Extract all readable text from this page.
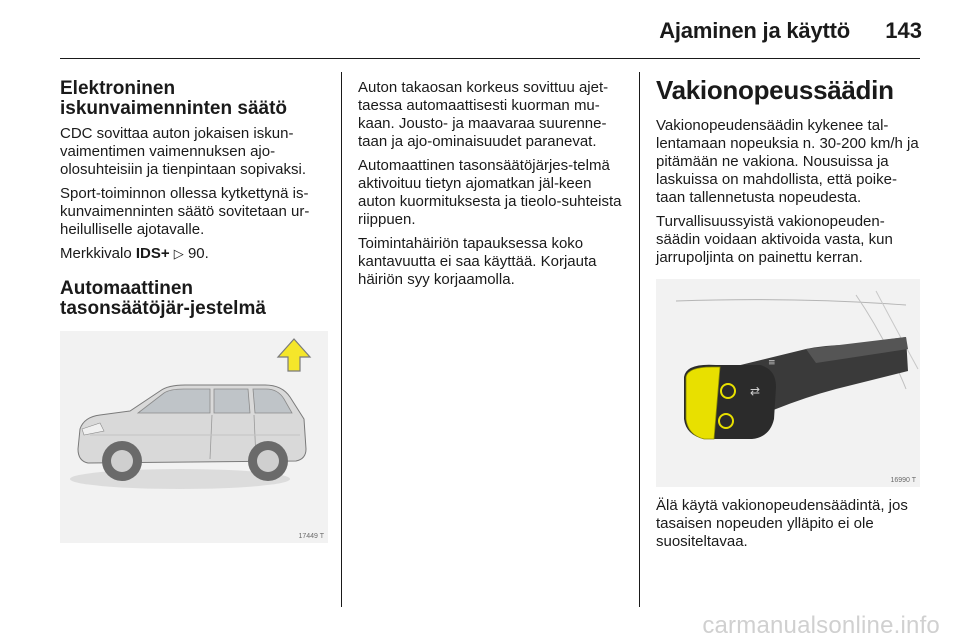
Ajaminen ja käyttö	143
Elektroninen iskunvaimenninten säätö

CDC sovittaa auton jokaisen iskun-vaimentimen vaimennuksen ajo-olosuhteisiin ja tienpintaan sopivaksi.

Sport-toiminnon ollessa kytkettynä is-kunvaimenninten säätö sovitetaan ur-heilulliselle ajotavalle.

Merkkivalo IDS+ ▷ 90.

Automaattinen tasonsäätöjär-jestelmä
17449 T

Auton takaosan korkeus sovittuu ajet-taessa automaattisesti kuorman mu-kaan. Jousto- ja maavaraa suurenne-taan ja ajo-ominaisuudet paranevat.

Automaattinen tasonsäätöjärjes-telmä aktivoituu tietyn ajomatkan jäl-keen auton kuormituksesta ja tieolo-suhteista riippuen.

Toimintahäiriön tapauksessa koko kantavuutta ei saa käyttää. Korjauta häiriön syy korjaamolla.

Vakionopeussäädin

Vakionopeudensäädin kykenee tal-lentamaan nopeuksia n. 30-200 km/h ja pitämään ne vakiona. Nousuissa ja laskuissa on mahdollista, että poike-taan tallennetusta nopeudesta.

Turvallisuussyistä vakionopeuden-säädin voidaan aktivoida vasta, kun jarrupoljinta on painettu kerran.

⇄
≡
16990 T

Älä käytä vakionopeudensäädintä, jos tasaisen nopeuden ylläpito ei ole suositeltavaa.

carmanualsonline.info
